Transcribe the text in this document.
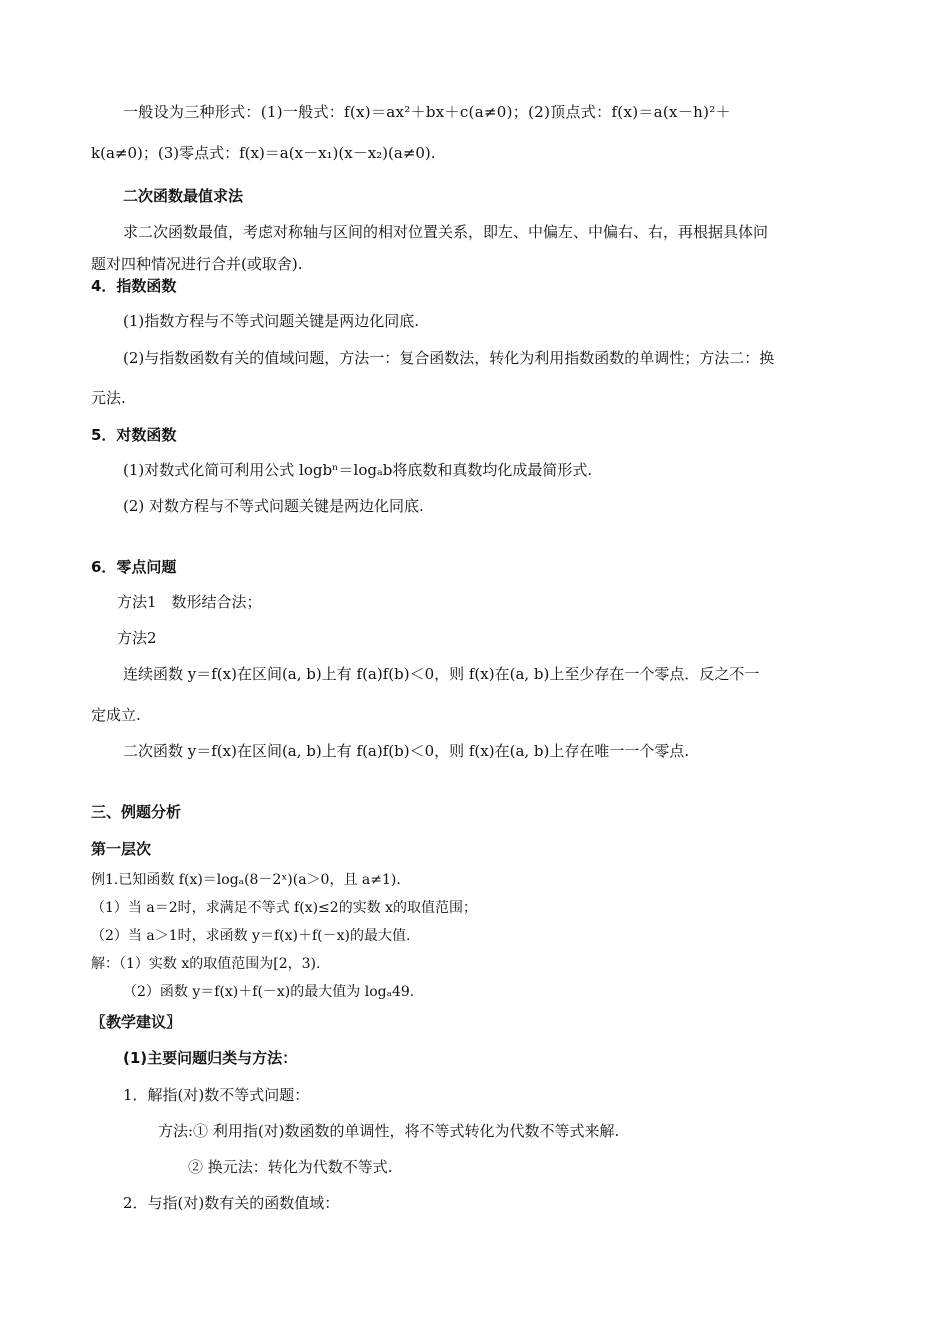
一般设为三种形式：(1)一般式：f(x)＝ax²＋bx＋c(a≠0)；(2)顶点式：f(x)＝a(x－h)²＋
k(a≠0)；(3)零点式：f(x)＝a(x－x₁)(x－x₂)(a≠0).
二次函数最值求法
求二次函数最值，考虑对称轴与区间的相对位置关系，即左、中偏左、中偏右、右，再根据具体问
题对四种情况进行合并(或取舍).
4．指数函数
(1)指数方程与不等式问题关键是两边化同底.
(2)与指数函数有关的值域问题，方法一：复合函数法，转化为利用指数函数的单调性；方法二：换
元法.
5．对数函数
(1)对数式化简可利用公式 logbⁿ＝logₐb将底数和真数均化成最简形式.
(2) 对数方程与不等式问题关键是两边化同底.
6．零点问题
方法1　数形结合法；
方法2
连续函数 y＝f(x)在区间(a, b)上有 f(a)f(b)＜0，则 f(x)在(a, b)上至少存在一个零点．反之不一
定成立.
二次函数 y＝f(x)在区间(a, b)上有 f(a)f(b)＜0，则 f(x)在(a, b)上存在唯一一个零点.
三、例题分析
第一层次
例1.已知函数 f(x)＝logₐ(8－2ˣ)(a＞0，且 a≠1).
（1）当 a＝2时，求满足不等式 f(x)≤2的实数 x的取值范围；
（2）当 a＞1时，求函数 y＝f(x)＋f(－x)的最大值.
解：（1）实数 x的取值范围为[2，3).
（2）函数 y＝f(x)＋f(－x)的最大值为 logₐ49.
〖教学建议〗
(1)主要问题归类与方法：
1．解指(对)数不等式问题：
方法:① 利用指(对)数函数的单调性，将不等式转化为代数不等式来解.
② 换元法：转化为代数不等式.
2．与指(对)数有关的函数值域：
